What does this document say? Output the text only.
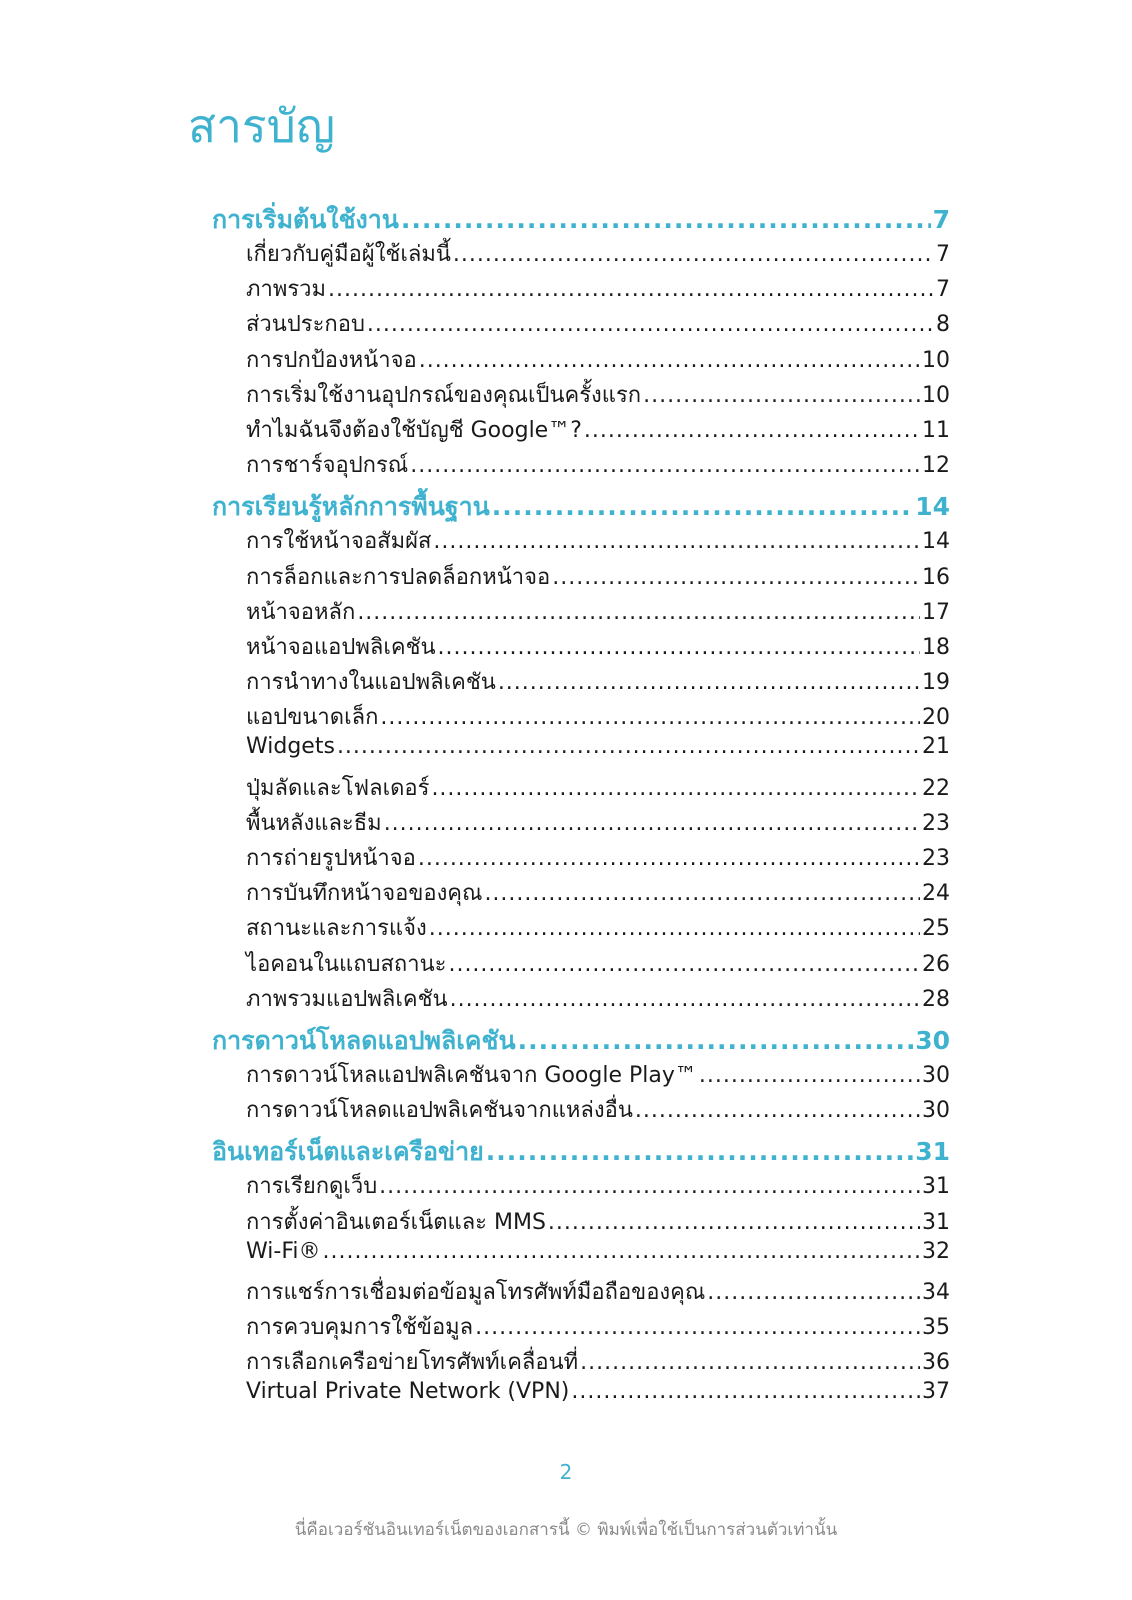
สารบัญ
การเริ่มต้นใช้งาน .....	7
เกี่ยวกับคู่มือผู้ใช้เล่มนี้ .....	7
ภาพรวม .....	7
ส่วนประกอบ .....	8
การปกป้องหน้าจอ .....	10
การเริ่มใช้งานอุปกรณ์ของคุณเป็นครั้งแรก .....	10
ทำไมฉันจึงต้องใช้บัญชี Google™? .....	11
การชาร์จอุปกรณ์ .....	12
การเรียนรู้หลักการพื้นฐาน .....	14
การใช้หน้าจอสัมผัส .....	14
การล็อกและการปลดล็อกหน้าจอ .....	16
หน้าจอหลัก .....	17
หน้าจอแอปพลิเคชัน .....	18
การนำทางในแอปพลิเคชัน .....	19
แอปขนาดเล็ก .....	20
Widgets .....	21
ปุ่มลัดและโฟลเดอร์ .....	22
พื้นหลังและธีม .....	23
การถ่ายรูปหน้าจอ .....	23
การบันทึกหน้าจอของคุณ .....	24
สถานะและการแจ้ง .....	25
ไอคอนในแถบสถานะ .....	26
ภาพรวมแอปพลิเคชัน .....	28
การดาวน์โหลดแอปพลิเคชัน .....	30
การดาวน์โหลแอปพลิเคชันจาก Google Play™ .....	30
การดาวน์โหลดแอปพลิเคชันจากแหล่งอื่น .....	30
อินเทอร์เน็ตและเครือข่าย .....	31
การเรียกดูเว็บ .....	31
การตั้งค่าอินเตอร์เน็ตและ MMS .....	31
Wi-Fi® .....	32
การแชร์การเชื่อมต่อข้อมูลโทรศัพท์มือถือของคุณ .....	34
การควบคุมการใช้ข้อมูล .....	35
การเลือกเครือข่ายโทรศัพท์เคลื่อนที่ .....	36
Virtual Private Network (VPN) .....	37
2
นี่คือเวอร์ชันอินเทอร์เน็ตของเอกสารนี้ © พิมพ์เพื่อใช้เป็นการส่วนตัวเท่านั้น
